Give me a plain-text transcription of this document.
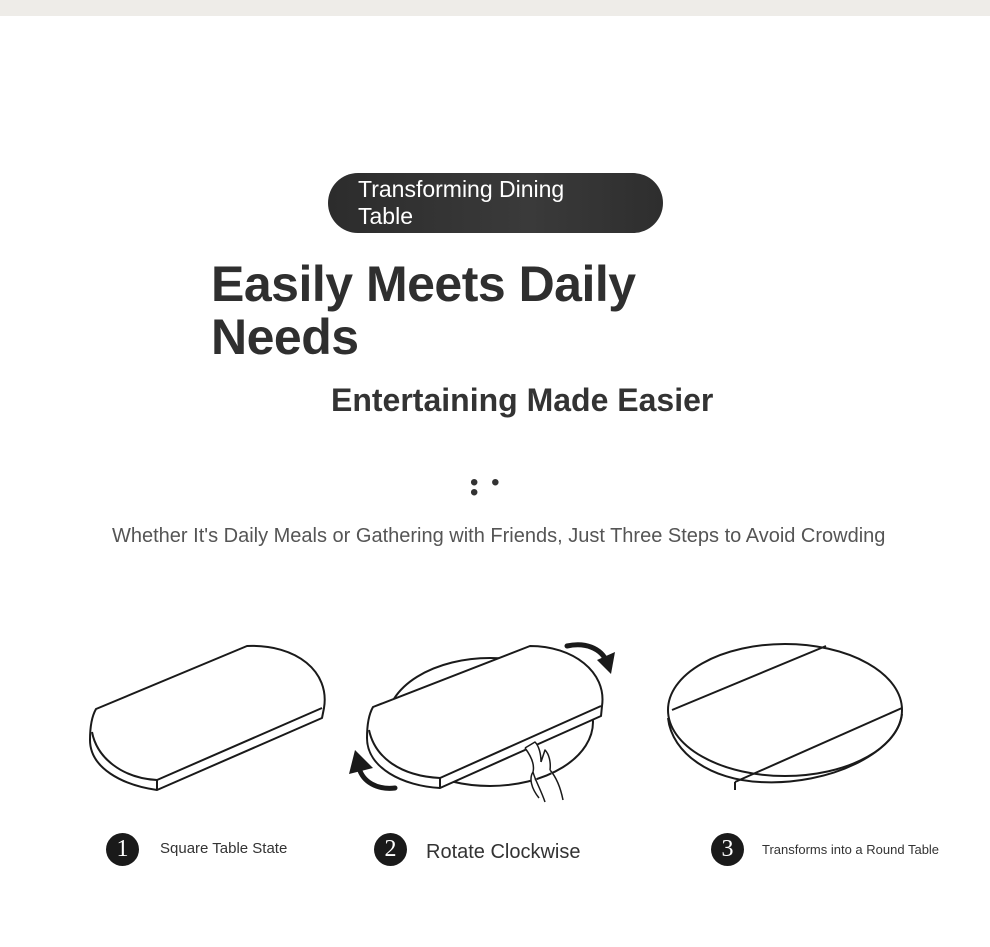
Transforming Dining Table
Easily Meets Daily Needs
Entertaining Made Easier
• • •
Whether It's Daily Meals or Gathering with Friends, Just Three Steps to Avoid Crowding
1	Square Table State	2	Rotate Clockwise	3	Transforms into a Round Table
